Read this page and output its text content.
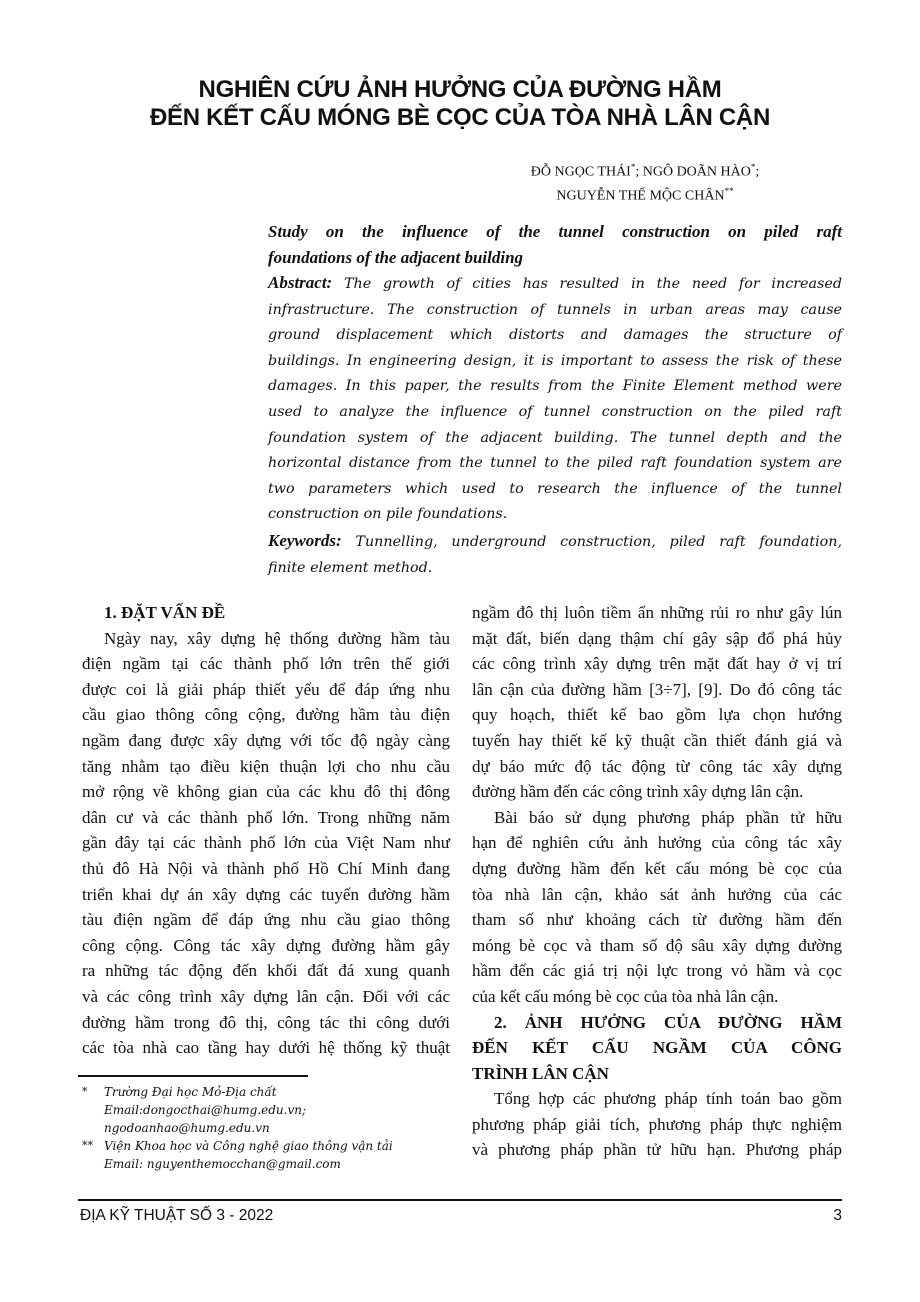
NGHIÊN CỨU ẢNH HƯỞNG CỦA ĐƯỜNG HẦM
ĐẾN KẾT CẤU MÓNG BÈ CỌC CỦA TÒA NHÀ LÂN CẬN
ĐỖ NGỌC THÁI*; NGÔ DOÃN HÀO*;
NGUYỄN THẾ MỘC CHÂN**
Study on the influence of the tunnel construction on piled raft
foundations of the adjacent building
Abstract: The growth of cities has resulted in the need for increased
infrastructure. The construction of tunnels in urban areas may cause
ground displacement which distorts and damages the structure of
buildings. In engineering design, it is important to assess the risk of these
damages. In this paper, the results from the Finite Element method were
used to analyze the influence of tunnel construction on the piled raft
foundation system of the adjacent building. The tunnel depth and the
horizontal distance from the tunnel to the piled raft foundation system are
two parameters which used to research the influence of the tunnel
construction on pile foundations.
Keywords: Tunnelling, underground construction, piled raft foundation,
finite element method.
1. ĐẶT VẤN ĐỀ
Ngày nay, xây dựng hệ thống đường hầm tàu
điện ngầm tại các thành phố lớn trên thế giới
được coi là giải pháp thiết yếu để đáp ứng nhu
cầu giao thông công cộng, đường hầm tàu điện
ngầm đang được xây dựng với tốc độ ngày càng
tăng nhằm tạo điều kiện thuận lợi cho nhu cầu
mở rộng về không gian của các khu đô thị đông
dân cư và các thành phố lớn. Trong những năm
gần đây tại các thành phố lớn của Việt Nam như
thủ đô Hà Nội và thành phố Hồ Chí Minh đang
triển khai dự án xây dựng các tuyến đường hầm
tàu điện ngầm để đáp ứng nhu cầu giao thông
công cộng. Công tác xây dựng đường hầm gây
ra những tác động đến khối đất đá xung quanh
và các công trình xây dựng lân cận. Đối với các
đường hầm trong đô thị, công tác thi công dưới
các tòa nhà cao tầng hay dưới hệ thống kỹ thuật
ngầm đô thị luôn tiềm ẩn những rủi ro như gây lún
mặt đất, biến dạng thậm chí gây sập đổ phá hủy
các công trình xây dựng trên mặt đất hay ở vị trí
lân cận của đường hầm [3÷7], [9]. Do đó công tác
quy hoạch, thiết kế bao gồm lựa chọn hướng
tuyến hay thiết kế kỹ thuật cần thiết đánh giá và
dự báo mức độ tác động từ công tác xây dựng
đường hầm đến các công trình xây dựng lân cận.
Bài báo sử dụng phương pháp phần tử hữu
hạn để nghiên cứu ảnh hưởng của công tác xây
dựng đường hầm đến kết cấu móng bè cọc của
tòa nhà lân cận, khảo sát ảnh hưởng của các
tham số như khoảng cách từ đường hầm đến
móng bè cọc và tham số độ sâu xây dựng đường
hầm đến các giá trị nội lực trong vỏ hầm và cọc
của kết cấu móng bè cọc của tòa nhà lân cận.
2. ẢNH HƯỞNG CỦA ĐƯỜNG HẦM
ĐẾN KẾT CẤU NGẦM CỦA CÔNG
TRÌNH LÂN CẬN
Tổng hợp các phương pháp tính toán bao gồm
phương pháp giải tích, phương pháp thực nghiệm
và phương pháp phần tử hữu hạn. Phương pháp
*	Trường Đại học Mỏ-Địa chất
Email:dongocthai@humg.edu.vn;
ngodoanhao@humg.edu.vn
** Viện Khoa học và Công nghệ giao thông vận tải
Email: nguyenthemocchan@gmail.com
ĐỊA KỸ THUẬT SỐ 3 - 2022	3
